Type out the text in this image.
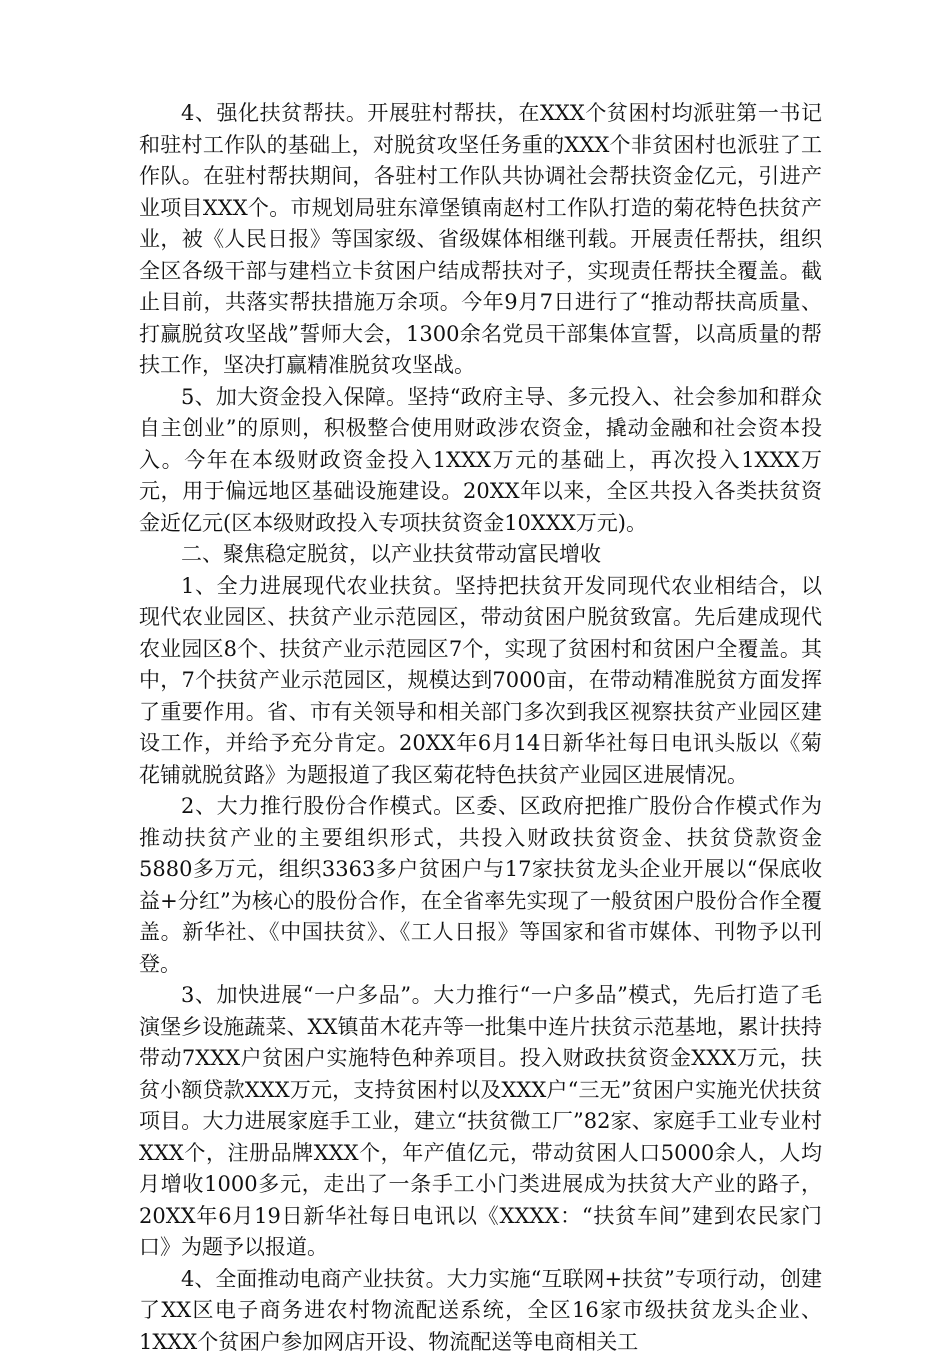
4、强化扶贫帮扶。开展驻村帮扶，在XXX个贫困村均派驻第一书记和驻村工作队的基础上，对脱贫攻坚任务重的XXX个非贫困村也派驻了工作队。在驻村帮扶期间，各驻村工作队共协调社会帮扶资金亿元，引进产业项目XXX个。市规划局驻东漳堡镇南赵村工作队打造的菊花特色扶贫产业，被《人民日报》等国家级、省级媒体相继刊载。开展责任帮扶，组织全区各级干部与建档立卡贫困户结成帮扶对子，实现责任帮扶全覆盖。截止目前，共落实帮扶措施万余项。今年9月7日进行了“推动帮扶高质量、打赢脱贫攻坚战”誓师大会，1300余名党员干部集体宣誓，以高质量的帮扶工作，坚决打赢精准脱贫攻坚战。

5、加大资金投入保障。坚持“政府主导、多元投入、社会参加和群众自主创业”的原则，积极整合使用财政涉农资金，撬动金融和社会资本投入。今年在本级财政资金投入1XXX万元的基础上，再次投入1XXX万元，用于偏远地区基础设施建设。20XX年以来，全区共投入各类扶贫资金近亿元(区本级财政投入专项扶贫资金10XXX万元)。

二、聚焦稳定脱贫，以产业扶贫带动富民增收

1、全力进展现代农业扶贫。坚持把扶贫开发同现代农业相结合，以现代农业园区、扶贫产业示范园区，带动贫困户脱贫致富。先后建成现代农业园区8个、扶贫产业示范园区7个，实现了贫困村和贫困户全覆盖。其中，7个扶贫产业示范园区，规模达到7000亩，在带动精准脱贫方面发挥了重要作用。省、市有关领导和相关部门多次到我区视察扶贫产业园区建设工作，并给予充分肯定。20XX年6月14日新华社每日电讯头版以《菊花铺就脱贫路》为题报道了我区菊花特色扶贫产业园区进展情况。

2、大力推行股份合作模式。区委、区政府把推广股份合作模式作为推动扶贫产业的主要组织形式，共投入财政扶贫资金、扶贫贷款资金5880多万元，组织3363多户贫困户与17家扶贫龙头企业开展以“保底收益+分红”为核心的股份合作，在全省率先实现了一般贫困户股份合作全覆盖。新华社、《中国扶贫》、《工人日报》等国家和省市媒体、刊物予以刊登。

3、加快进展“一户多品”。大力推行“一户多品”模式，先后打造了毛演堡乡设施蔬菜、XX镇苗木花卉等一批集中连片扶贫示范基地，累计扶持带动7XXX户贫困户实施特色种养项目。投入财政扶贫资金XXX万元，扶贫小额贷款XXX万元，支持贫困村以及XXX户“三无”贫困户实施光伏扶贫项目。大力进展家庭手工业，建立“扶贫微工厂”82家、家庭手工业专业村XXX个，注册品牌XXX个，年产值亿元，带动贫困人口5000余人，人均月增收1000多元，走出了一条手工小门类进展成为扶贫大产业的路子，20XX年6月19日新华社每日电讯以《XXXX：“扶贫车间”建到农民家门口》为题予以报道。

4、全面推动电商产业扶贫。大力实施“互联网+扶贫”专项行动，创建了XX区电子商务进农村物流配送系统，全区16家市级扶贫龙头企业、1XXX个贫困户参加网店开设、物流配送等电商相关工
